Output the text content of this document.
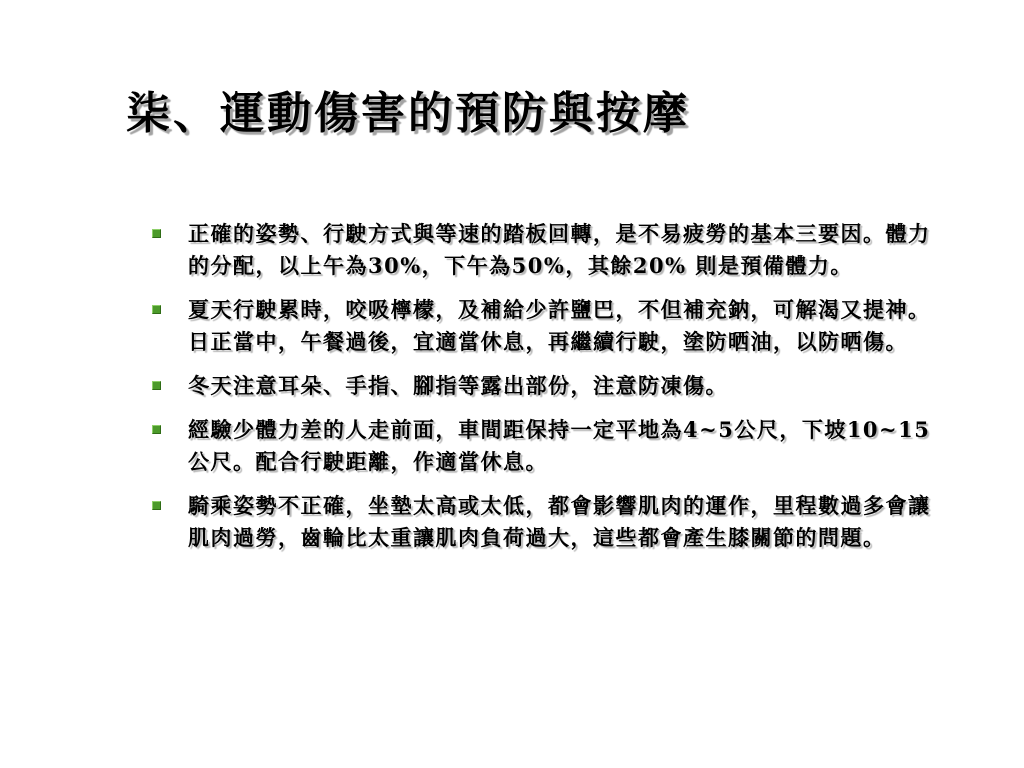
柒、運動傷害的預防與按摩
正確的姿勢、行駛方式與等速的踏板回轉，是不易疲勞的基本三要因。體力的分配，以上午為30%，下午為50%，其餘20% 則是預備體力。
夏天行駛累時，咬吸檸檬，及補給少許鹽巴，不但補充鈉，可解渴又提神。日正當中，午餐過後，宜適當休息，再繼續行駛，塗防晒油，以防晒傷。
冬天注意耳朵、手指、腳指等露出部份，注意防凍傷。
經驗少體力差的人走前面，車間距保持一定平地為4~5公尺，下坡10~15公尺。配合行駛距離，作適當休息。
騎乘姿勢不正確，坐墊太高或太低，都會影響肌肉的運作，里程數過多會讓肌肉過勞，齒輪比太重讓肌肉負荷過大，這些都會產生膝關節的問題。
